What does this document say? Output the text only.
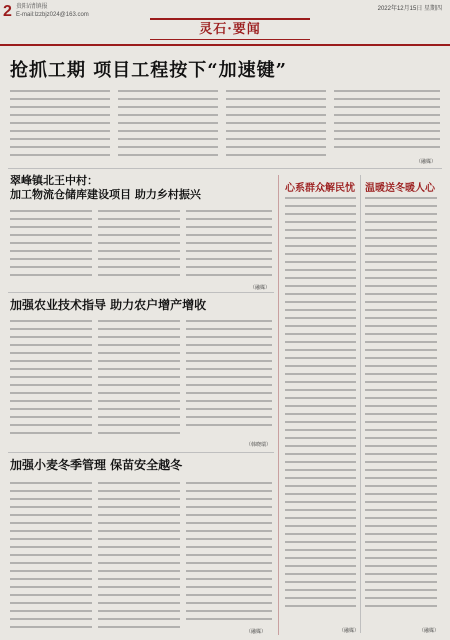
2 贵阳/清镇报
E-mail:lzzbjz024@163.com
2022年12月15日 星期四
灵石·要闻
抢抓工期 项目工程按下“加速键”
（融媒）
翠峰镇北王中村：
加工物流仓储库建设项目 助力乡村振兴
（融媒）
加强农业技术指导 助力农户增产增收
（韩晓瑞）
加强小麦冬季管理 保苗安全越冬
（融媒）
心系群众解民忧 温暖送冬暖人心
（融媒）	（融媒）
